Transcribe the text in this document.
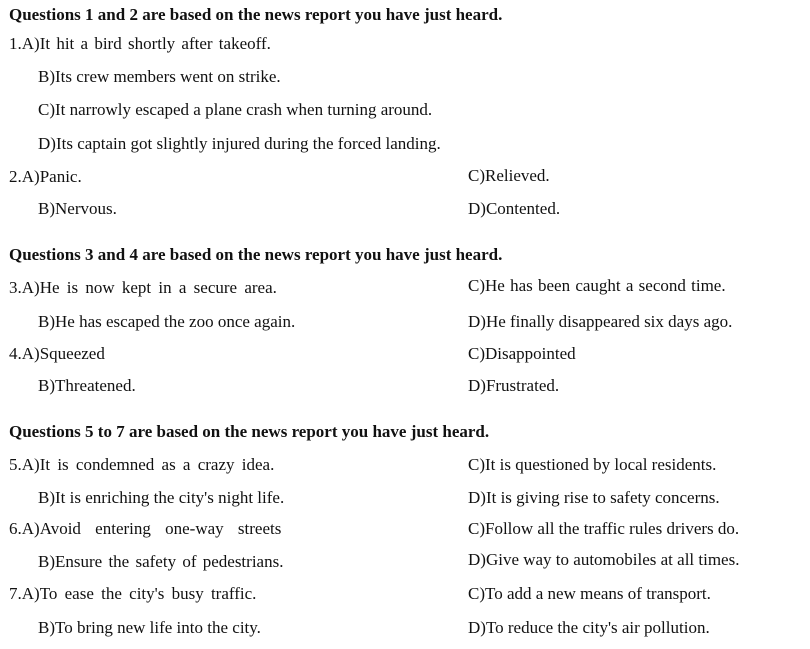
Questions 1 and 2 are based on the news report you have just heard.
1.A)It hit a bird shortly after takeoff.
B)Its crew members went on strike.
C)It narrowly escaped a plane crash when turning around.
D)Its captain got slightly injured during the forced landing.
2.A)Panic.	C)Relieved.
B)Nervous.	D)Contented.
Questions 3 and 4 are based on the news report you have just heard.
3.A)He is now kept in a secure area.	C)He has been caught a second time.
B)He has escaped the zoo once again.	D)He finally disappeared six days ago.
4.A)Squeezed	C)Disappointed
B)Threatened.	D)Frustrated.
Questions 5 to 7 are based on the news report you have just heard.
5.A)It is condemned as a crazy idea.	C)It is questioned by local residents.
B)It is enriching the city's night life.	D)It is giving rise to safety concerns.
6.A)Avoid entering one-way streets	C)Follow all the traffic rules drivers do.
B)Ensure the safety of pedestrians.	D)Give way to automobiles at all times.
7.A)To ease the city's busy traffic.	C)To add a new means of transport.
B)To bring new life into the city.	D)To reduce the city's air pollution.
